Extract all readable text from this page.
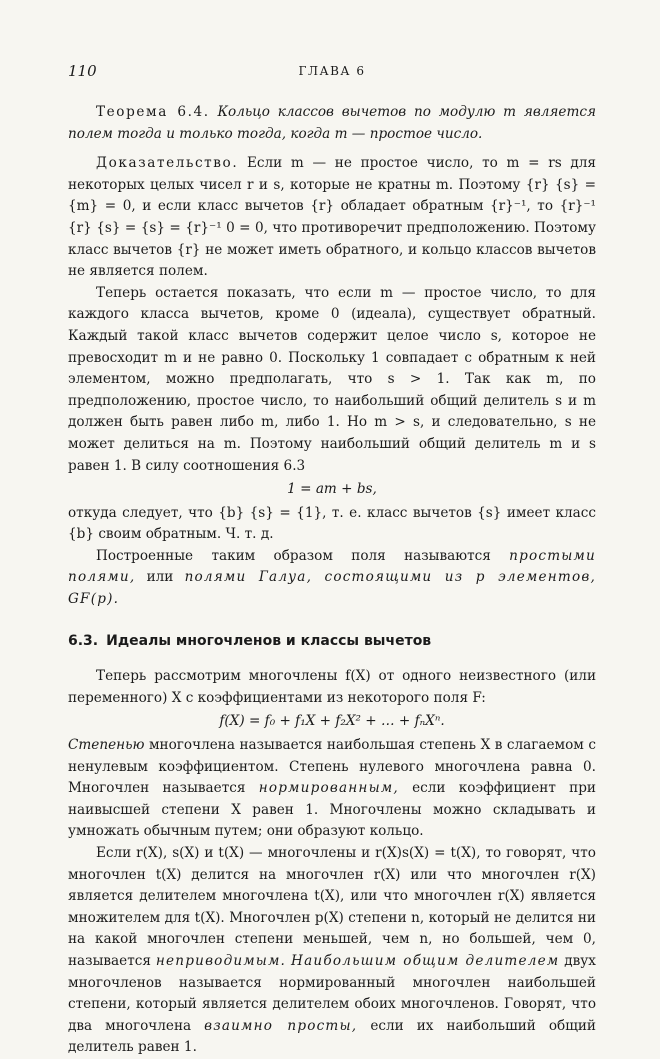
110	ГЛАВА 6

Теорема 6.4. Кольцо классов вычетов по модулю m является полем тогда и только тогда, когда m — простое число.

Доказательство. Если m — не простое число, то m = rs для некоторых целых чисел r и s, которые не кратны m. Поэтому {r} {s} = {m} = 0, и если класс вычетов {r} обладает обратным {r}⁻¹, то {r}⁻¹ {r} {s} = {s} = {r}⁻¹ 0 = 0, что противоречит предположению. Поэтому класс вычетов {r} не может иметь обратного, и кольцо классов вычетов не является полем.

Теперь остается показать, что если m — простое число, то для каждого класса вычетов, кроме 0 (идеала), существует обратный. Каждый такой класс вычетов содержит целое число s, которое не превосходит m и не равно 0. Поскольку 1 совпадает с обратным к ней элементом, можно предполагать, что s > 1. Так как m, по предположению, простое число, то наибольший общий делитель s и m должен быть равен либо m, либо 1. Но m > s, и следовательно, s не может делиться на m. Поэтому наибольший общий делитель m и s равен 1. В силу соотношения 6.3

1 = am + bs,

откуда следует, что {b} {s} = {1}, т. е. класс вычетов {s} имеет класс {b} своим обратным. Ч. т. д.

Построенные таким образом поля называются простыми полями, или полями Галуа, состоящими из p элементов, GF(p).

6.3. Идеалы многочленов и классы вычетов

Теперь рассмотрим многочлены f(X) от одного неизвестного (или переменного) X с коэффициентами из некоторого поля F:

f(X) = f₀ + f₁X + f₂X² + … + fₙXⁿ.

Степенью многочлена называется наибольшая степень X в слагаемом с ненулевым коэффициентом. Степень нулевого многочлена равна 0. Многочлен называется нормированным, если коэффициент при наивысшей степени X равен 1. Многочлены можно складывать и умножать обычным путем; они образуют кольцо.

Если r(X), s(X) и t(X) — многочлены и r(X)s(X) = t(X), то говорят, что многочлен t(X) делится на многочлен r(X) или что многочлен r(X) является делителем многочлена t(X), или что многочлен r(X) является множителем для t(X). Многочлен p(X) степени n, который не делится ни на какой многочлен степени меньшей, чем n, но большей, чем 0, называется неприводимым. Наибольшим общим делителем двух многочленов называется нормированный многочлен наибольшей степени, который является делителем обоих многочленов. Говорят, что два многочлена взаимно просты, если их наибольший общий делитель равен 1.
